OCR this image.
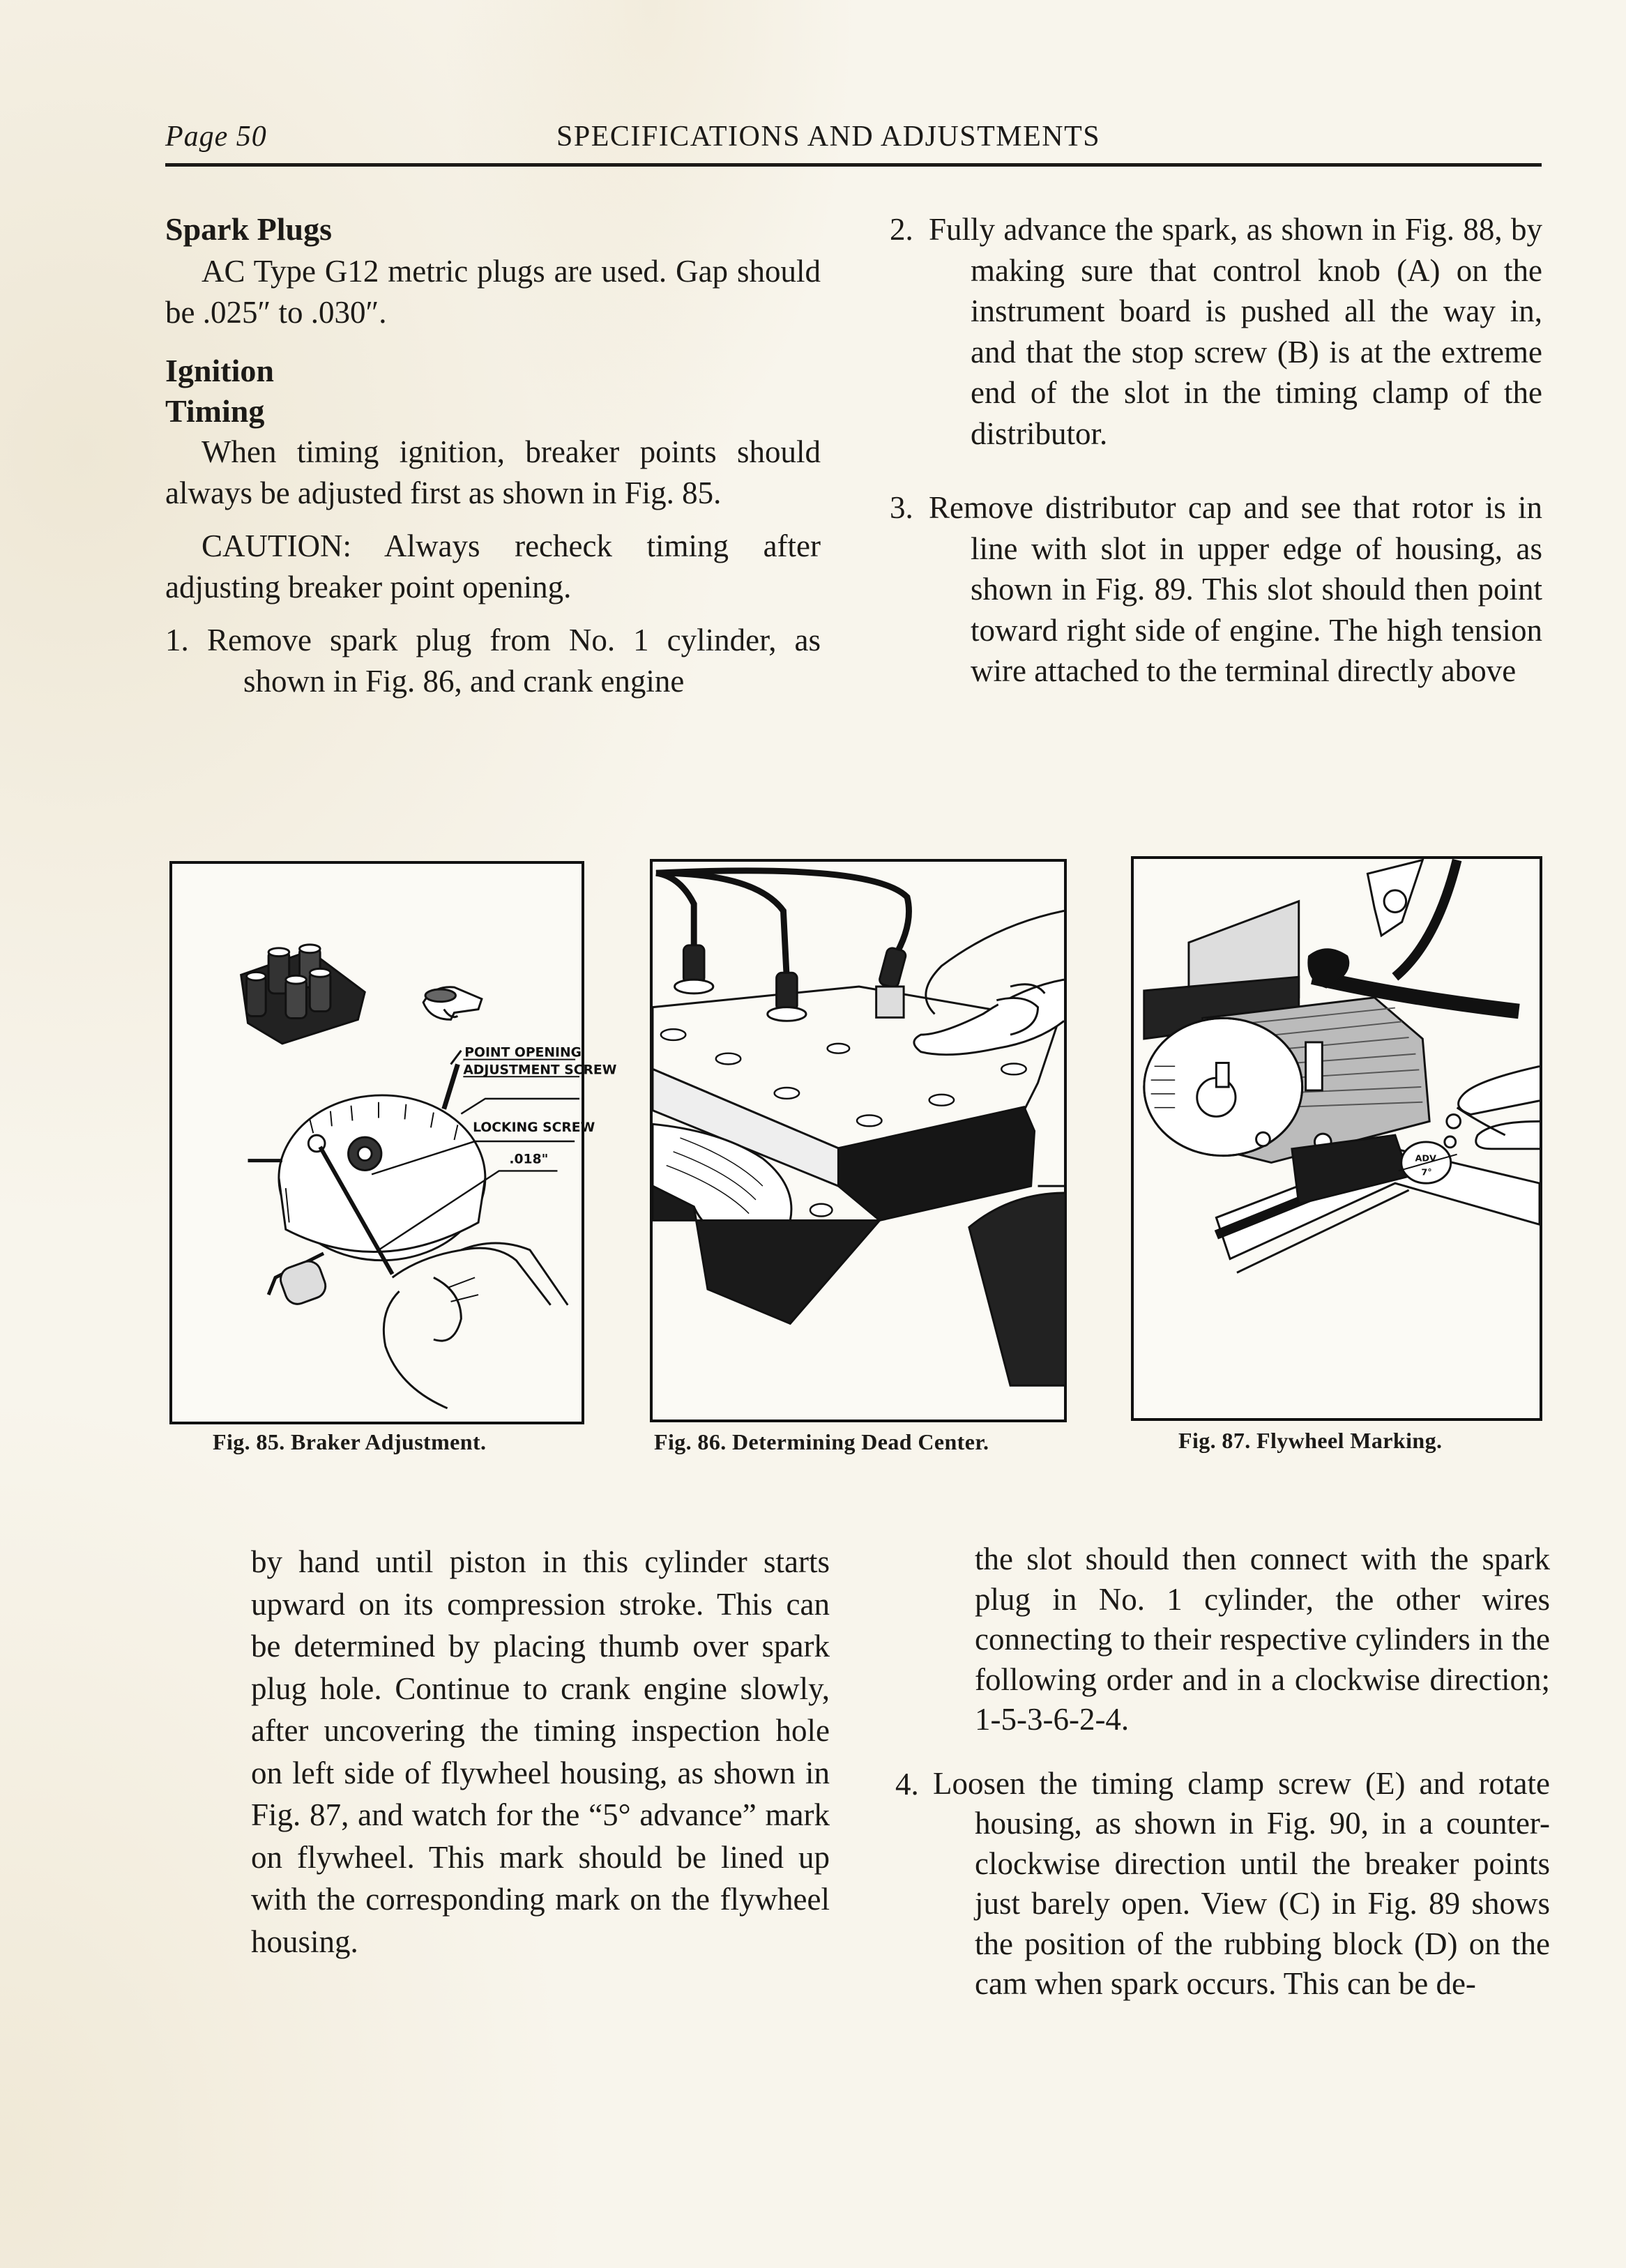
Page 50	SPECIFICATIONS AND ADJUSTMENTS

Spark Plugs

AC Type G12 metric plugs are used. Gap should be .025″ to .030″.

Ignition

Timing

When timing ignition, breaker points should always be adjusted first as shown in Fig. 85.

CAUTION: Always recheck timing after adjusting breaker point opening.

1. Remove spark plug from No. 1 cylinder, as shown in Fig. 86, and crank engine

2. Fully advance the spark, as shown in Fig. 88, by making sure that control knob (A) on the instrument board is pushed all the way in, and that the stop screw (B) is at the extreme end of the slot in the timing clamp of the distributor.

3. Remove distributor cap and see that rotor is in line with slot in upper edge of housing, as shown in Fig. 89. This slot should then point toward right side of engine. The high tension wire attached to the terminal directly above

POINT OPENING
ADJUSTMENT SCREW
LOCKING SCREW
.018"
Fig. 85. Braker Adjustment.	Fig. 86. Determining Dead Center.
ADV
7°
Fig. 87. Flywheel Marking.

by hand until piston in this cylinder starts upward on its compression stroke. This can be determined by placing thumb over spark plug hole. Continue to crank engine slowly, after uncovering the timing inspection hole on left side of flywheel housing, as shown in Fig. 87, and watch for the “5° advance” mark on flywheel. This mark should be lined up with the corresponding mark on the flywheel housing.

the slot should then connect with the spark plug in No. 1 cylinder, the other wires connecting to their respective cylinders in the following order and in a clockwise direction; 1-5-3-6-2-4.

4. Loosen the timing clamp screw (E) and rotate housing, as shown in Fig. 90, in a counter-clockwise direction until the breaker points just barely open. View (C) in Fig. 89 shows the position of the rubbing block (D) on the cam when spark occurs. This can be de-
